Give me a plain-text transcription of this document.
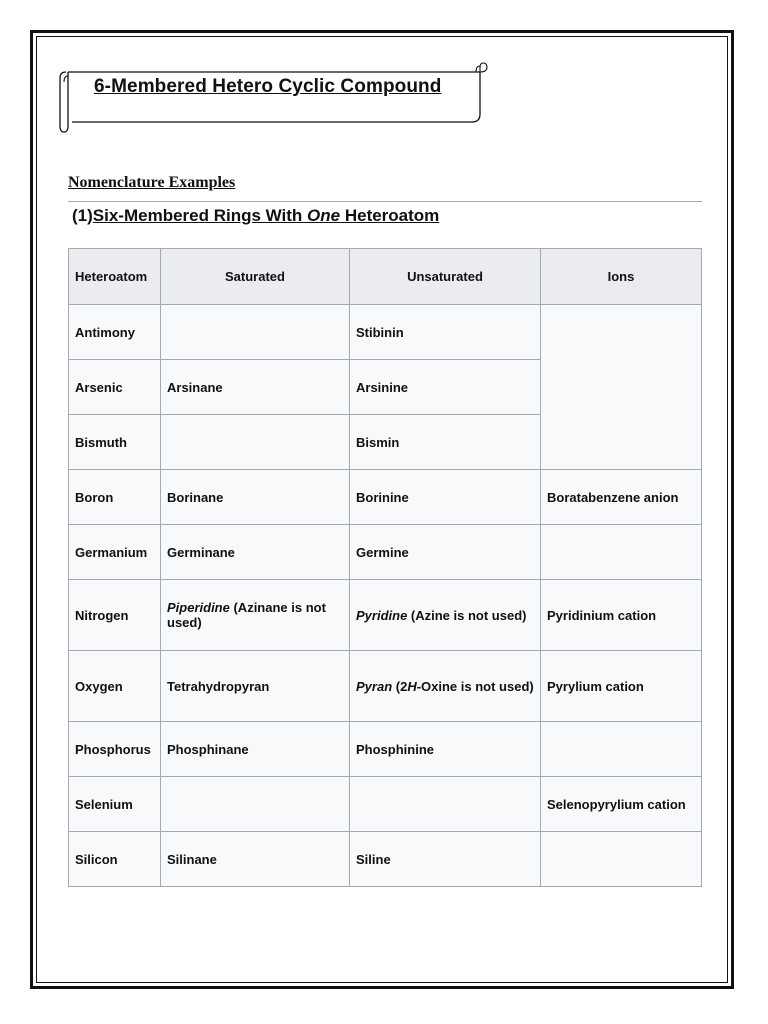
6-Membered Hetero Cyclic Compound
Nomenclature Examples
(1)Six-Membered Rings With One Heteroatom
Heteroatom	Saturated	Unsaturated	Ions
Antimony		Stibinin	
Arsenic	Arsinane	Arsinine	
Bismuth		Bismin	
Boron	Borinane	Borinine	Boratabenzene anion
Germanium	Germinane	Germine	
Nitrogen	Piperidine (Azinane is not used)	Pyridine (Azine is not used)	Pyridinium cation
Oxygen	Tetrahydropyran	Pyran (2H-Oxine is not used)	Pyrylium cation
Phosphorus	Phosphinane	Phosphinine	
Selenium			Selenopyrylium cation
Silicon	Silinane	Siline	
